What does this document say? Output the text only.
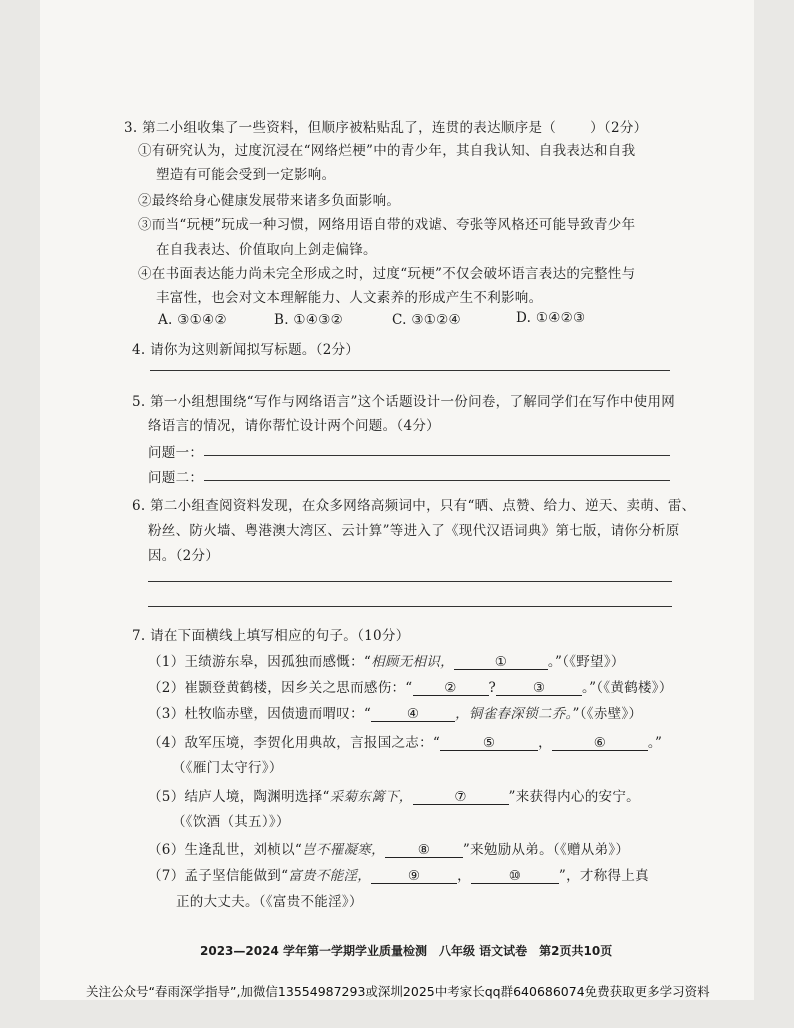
3. 第二小组收集了一些资料，但顺序被粘贴乱了，连贯的表达顺序是（	）（2分）
①有研究认为，过度沉浸在“网络烂梗”中的青少年，其自我认知、自我表达和自我
塑造有可能会受到一定影响。
②最终给身心健康发展带来诸多负面影响。
③而当“玩梗”玩成一种习惯，网络用语自带的戏谑、夸张等风格还可能导致青少年
在自我表达、价值取向上剑走偏锋。
④在书面表达能力尚未完全形成之时，过度“玩梗”不仅会破坏语言表达的完整性与
丰富性，也会对文本理解能力、人文素养的形成产生不利影响。
A. ③①④②	B. ①④③②	C. ③①②④	D. ①④②③
4. 请你为这则新闻拟写标题。（2分）
5. 第一小组想围绕“写作与网络语言”这个话题设计一份问卷，了解同学们在写作中使用网
络语言的情况，请你帮忙设计两个问题。（4分）
问题一：
问题二：
6. 第二小组查阅资料发现，在众多网络高频词中，只有“晒、点赞、给力、逆天、卖萌、雷、
粉丝、防火墙、粤港澳大湾区、云计算”等进入了《现代汉语词典》第七版，请你分析原
因。（2分）
7. 请在下面横线上填写相应的句子。（10分）
（1）王绩游东皋，因孤独而感慨：“相顾无相识，	①	。”（《野望》）
（2）崔颢登黄鹤楼，因乡关之思而感伤：“ ② ?	③	。”（《黄鹤楼》）
（3）杜牧临赤壁，因债遗而喟叹：“	④	，铜雀春深锁二乔。”（《赤壁》）
（4）敌军压境，李贺化用典故，言报国之志：“	⑤	，	⑥	。”
（《雁门太守行》）
（5）结庐人境，陶渊明选择“采菊东篱下，	⑦	”来获得内心的安宁。
（《饮酒（其五）》）
（6）生逢乱世，刘桢以“岂不罹凝寒， ⑧ ”来勉励从弟。（《赠从弟》）
（7）孟子坚信能做到“富贵不能淫，	⑨	，	⑩	”，才称得上真
正的大丈夫。（《富贵不能淫》）
2023—2024 学年第一学期学业质量检测　八年级 语文试卷　第2页共10页
关注公众号“春雨深学指导”,加微信13554987293或深圳2025中考家长qq群640686074免费获取更多学习资料
